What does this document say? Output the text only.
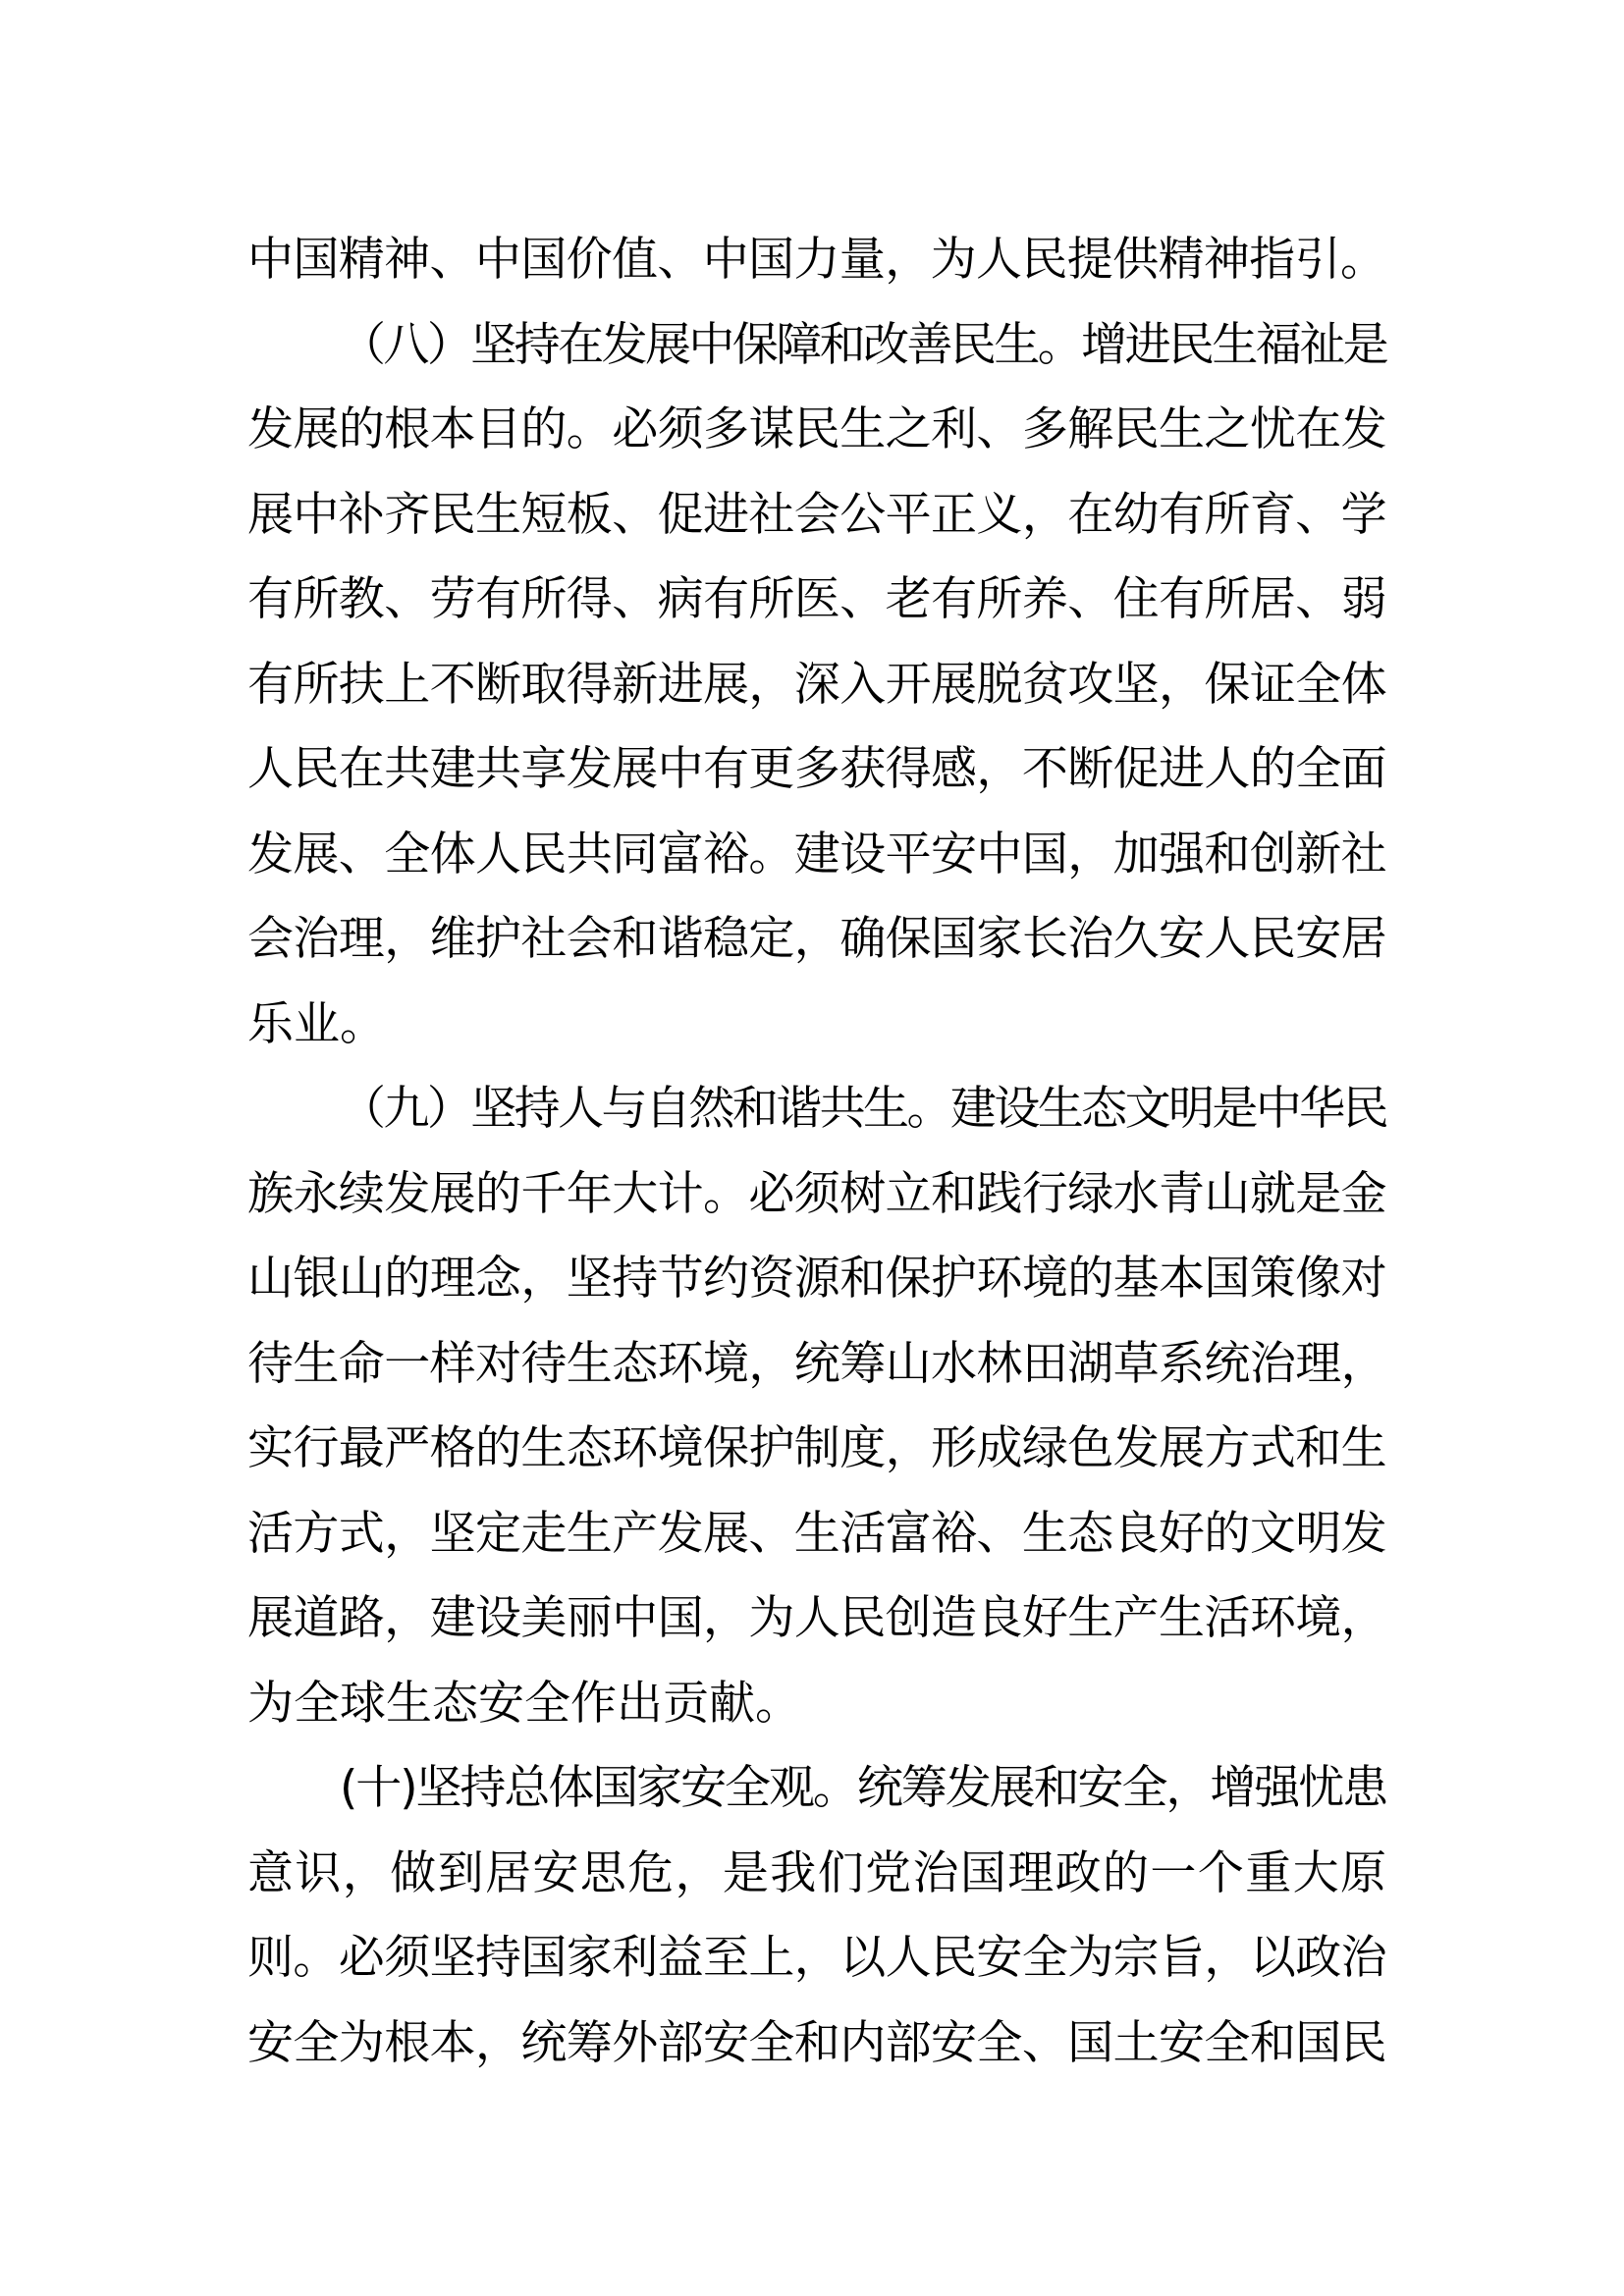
中国精神、中国价值、中国力量，为人民提供精神指引。
（八）坚持在发展中保障和改善民生。增进民生福祉是
发展的根本目的。必须多谋民生之利、多解民生之忧在发
展中补齐民生短板、促进社会公平正义，在幼有所育、学
有所教、劳有所得、病有所医、老有所养、住有所居、弱
有所扶上不断取得新进展，深入开展脱贫攻坚，保证全体
人民在共建共享发展中有更多获得感，不断促进人的全面
发展、全体人民共同富裕。建设平安中国，加强和创新社
会治理，维护社会和谐稳定，确保国家长治久安人民安居
乐业。
（九）坚持人与自然和谐共生。建设生态文明是中华民
族永续发展的千年大计。必须树立和践行绿水青山就是金
山银山的理念，坚持节约资源和保护环境的基本国策像对
待生命一样对待生态环境，统筹山水林田湖草系统治理，
实行最严格的生态环境保护制度，形成绿色发展方式和生
活方式，坚定走生产发展、生活富裕、生态良好的文明发
展道路，建设美丽中国，为人民创造良好生产生活环境，
为全球生态安全作出贡献。
(十)坚持总体国家安全观。统筹发展和安全，增强忧患
意识，做到居安思危，是我们党治国理政的一个重大原
则。必须坚持国家利益至上，以人民安全为宗旨，以政治
安全为根本，统筹外部安全和内部安全、国土安全和国民
